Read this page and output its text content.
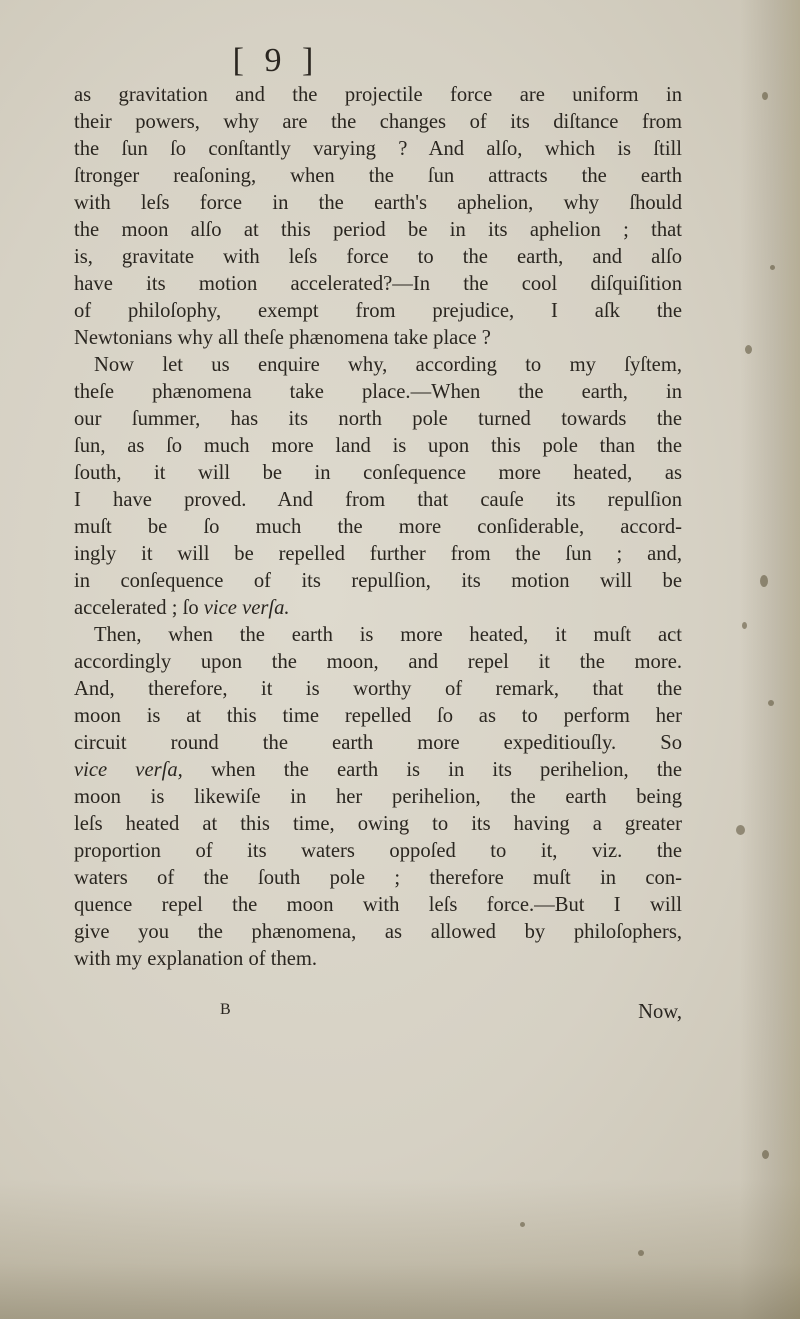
[ 9 ]
as gravitation and the projectile force are uniform in
their powers, why are the changes of its diſtance from
the ſun ſo conſtantly varying ? And alſo, which is ſtill
ſtronger reaſoning, when the ſun attracts the earth
with leſs force in the earth's aphelion, why ſhould
the moon alſo at this period be in its aphelion ; that
is, gravitate with leſs force to the earth, and alſo
have its motion accelerated?—In the cool diſquiſition
of philoſophy, exempt from prejudice, I aſk the
Newtonians why all theſe phænomena take place ?
Now let us enquire why, according to my ſyſtem,
theſe phænomena take place.—When the earth, in
our ſummer, has its north pole turned towards the
ſun, as ſo much more land is upon this pole than the
ſouth, it will be in conſequence more heated, as
I have proved. And from that cauſe its repulſion
muſt be ſo much the more conſiderable, accord-
ingly it will be repelled further from the ſun ; and,
in conſequence of its repulſion, its motion will be
accelerated ; ſo vice verſa.
Then, when the earth is more heated, it muſt act
accordingly upon the moon, and repel it the more.
And, therefore, it is worthy of remark, that the
moon is at this time repelled ſo as to perform her
circuit round the earth more expeditiouſly. So
vice verſa, when the earth is in its perihelion, the
moon is likewiſe in her perihelion, the earth being
leſs heated at this time, owing to its having a greater
proportion of its waters oppoſed to it, viz. the
waters of the ſouth pole ; therefore muſt in con-
quence repel the moon with leſs force.—But I will
give you the phænomena, as allowed by philoſophers,
with my explanation of them.
B	Now,
